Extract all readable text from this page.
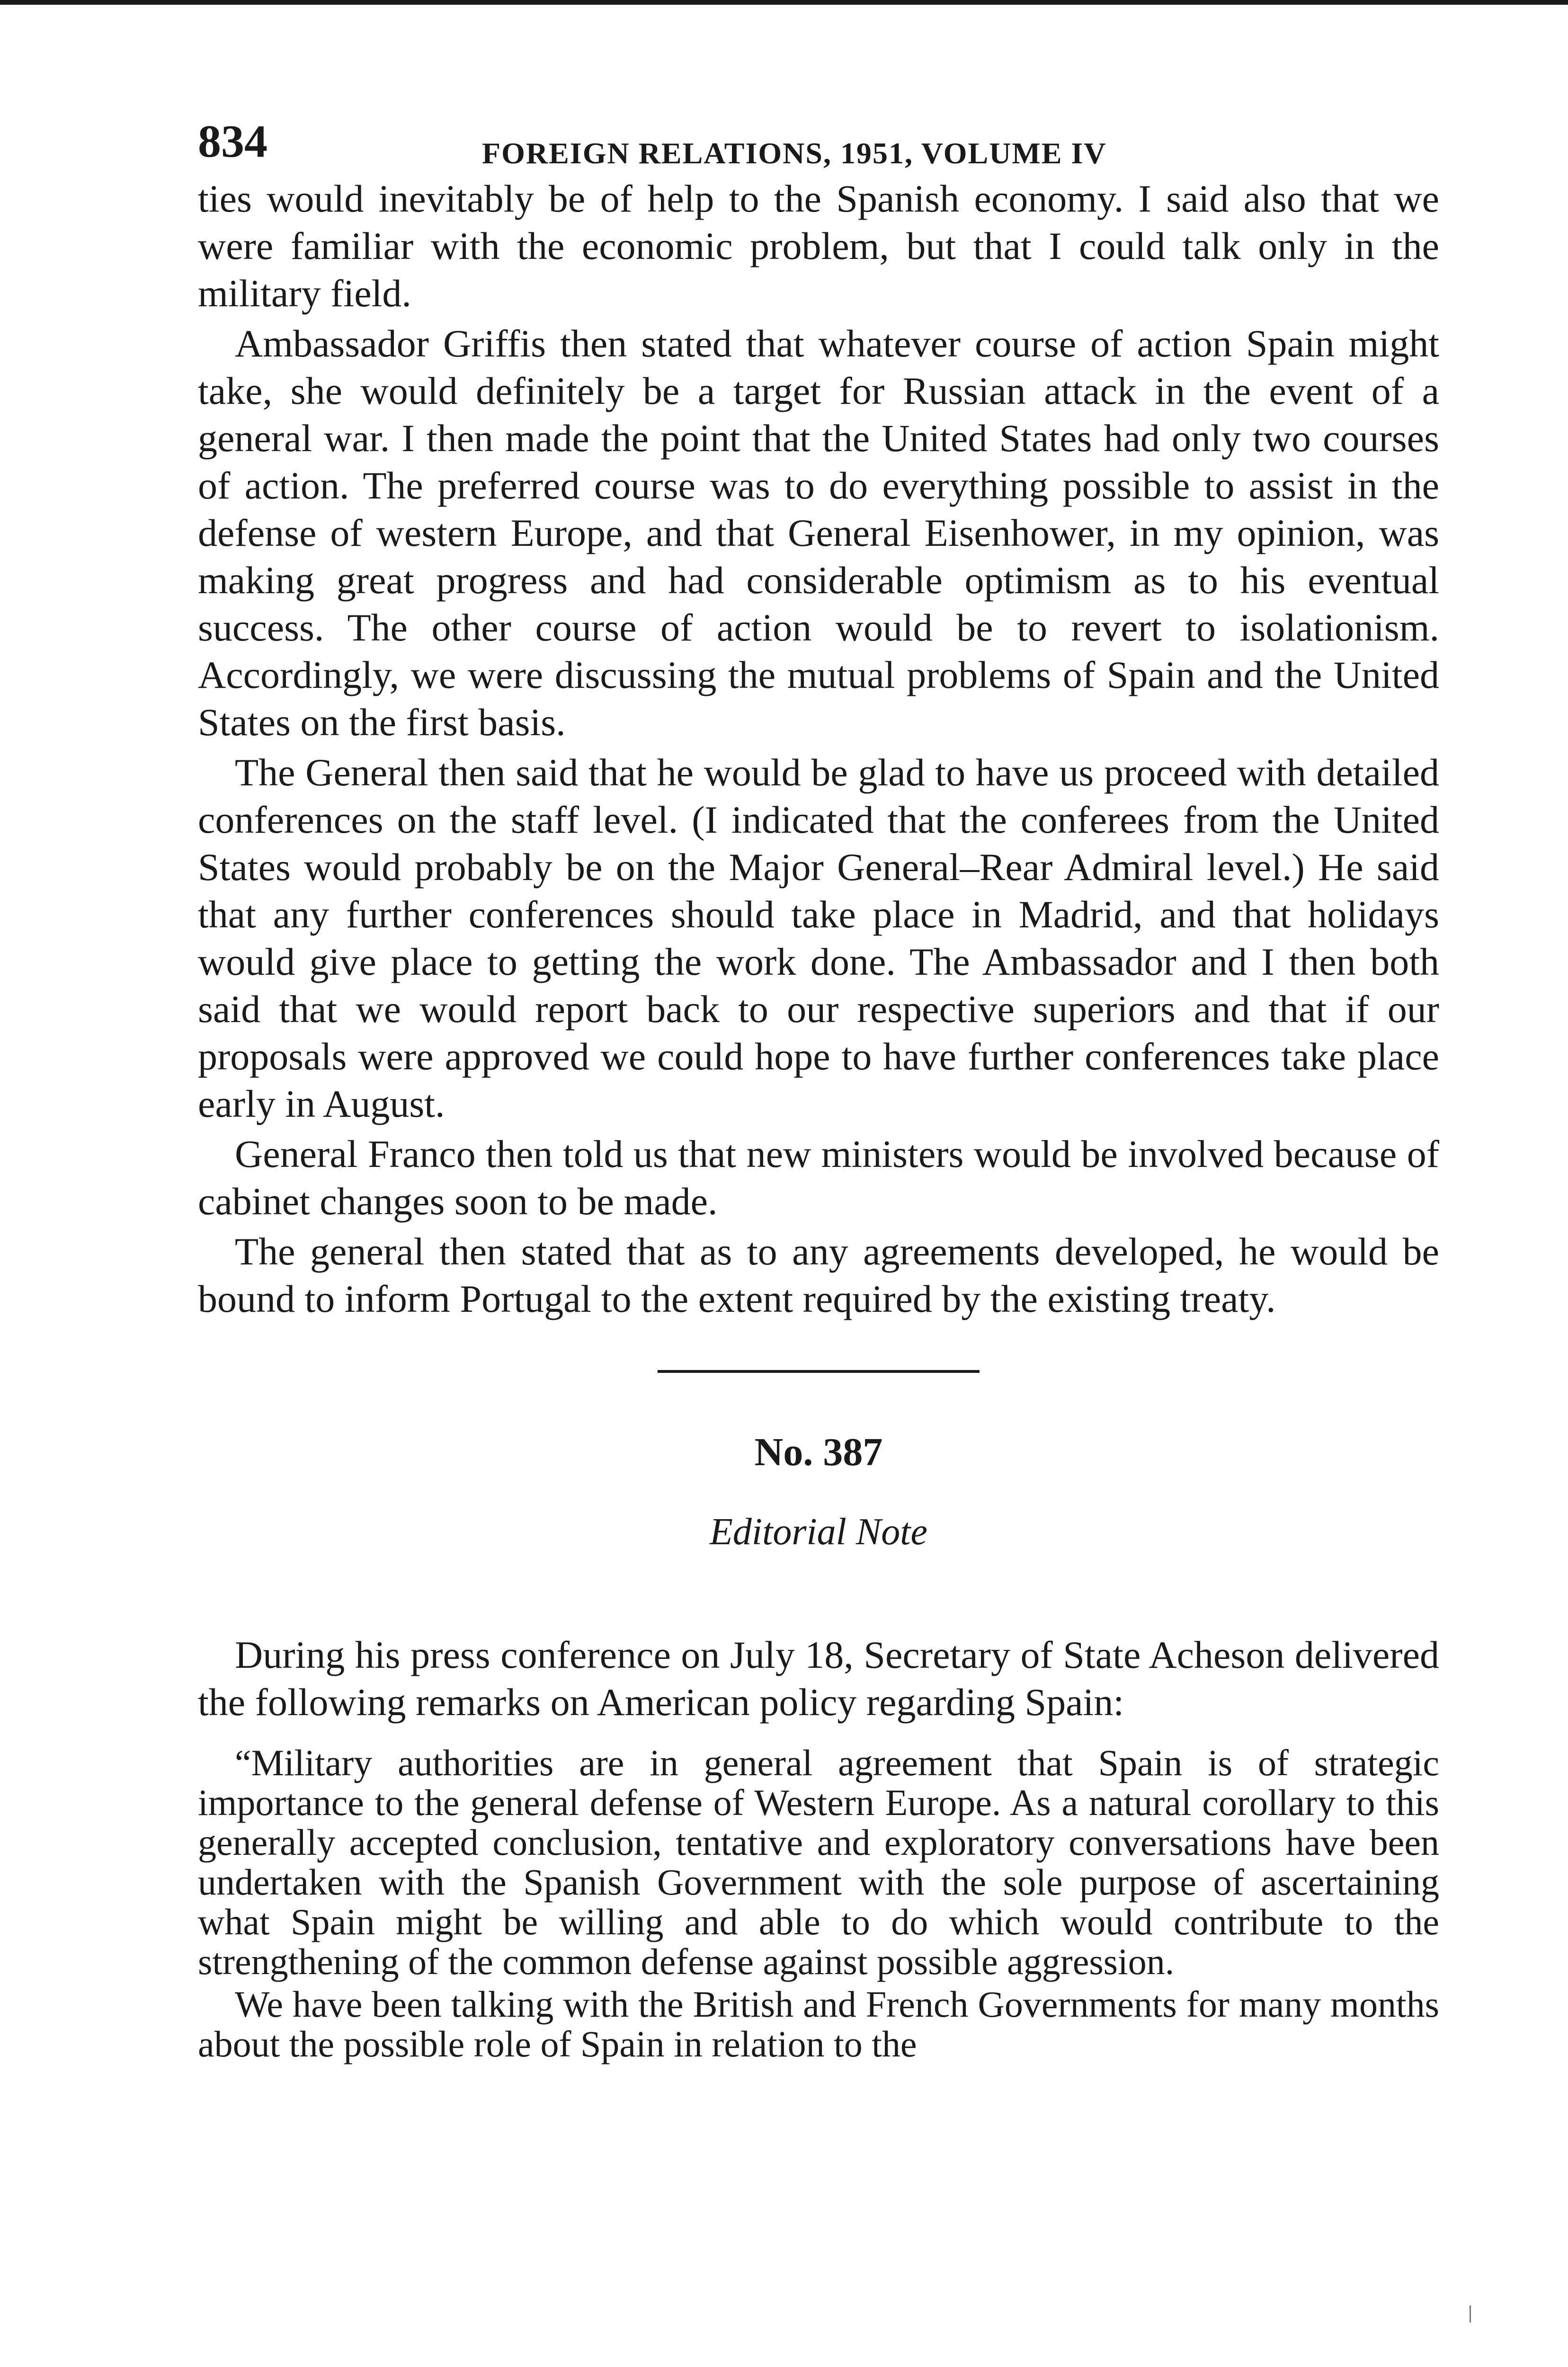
834	FOREIGN RELATIONS, 1951, VOLUME IV

ties would inevitably be of help to the Spanish economy. I said also that we were familiar with the economic problem, but that I could talk only in the military field.

Ambassador Griffis then stated that whatever course of action Spain might take, she would definitely be a target for Russian attack in the event of a general war. I then made the point that the United States had only two courses of action. The preferred course was to do everything possible to assist in the defense of western Europe, and that General Eisenhower, in my opinion, was making great progress and had considerable optimism as to his eventual success. The other course of action would be to revert to isolationism. Accordingly, we were discussing the mutual problems of Spain and the United States on the first basis.

The General then said that he would be glad to have us proceed with detailed conferences on the staff level. (I indicated that the conferees from the United States would probably be on the Major General–Rear Admiral level.) He said that any further conferences should take place in Madrid, and that holidays would give place to getting the work done. The Ambassador and I then both said that we would report back to our respective superiors and that if our proposals were approved we could hope to have further conferences take place early in August.

General Franco then told us that new ministers would be involved because of cabinet changes soon to be made.

The general then stated that as to any agreements developed, he would be bound to inform Portugal to the extent required by the existing treaty.

No. 387
Editorial Note

During his press conference on July 18, Secretary of State Acheson delivered the following remarks on American policy regarding Spain:

“Military authorities are in general agreement that Spain is of strategic importance to the general defense of Western Europe. As a natural corollary to this generally accepted conclusion, tentative and exploratory conversations have been undertaken with the Spanish Government with the sole purpose of ascertaining what Spain might be willing and able to do which would contribute to the strengthening of the common defense against possible aggression.

We have been talking with the British and French Governments for many months about the possible role of Spain in relation to the
